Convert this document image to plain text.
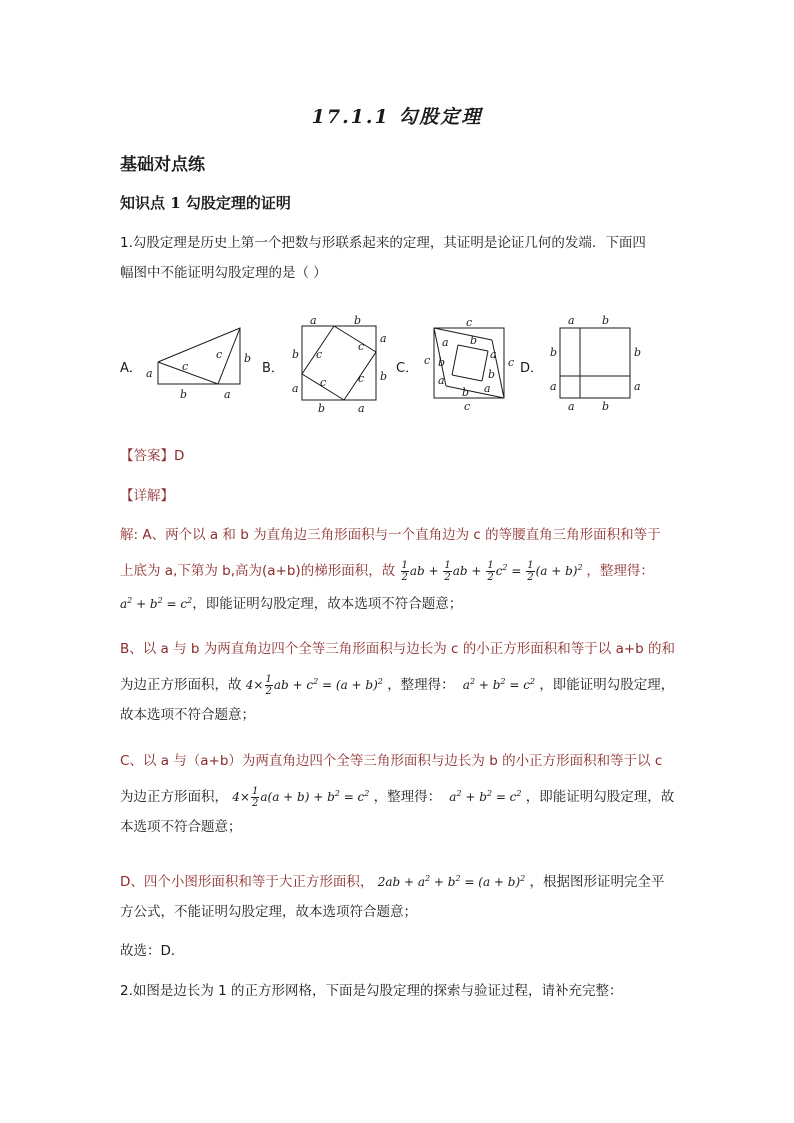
17.1.1 勾股定理
基础对点练
知识点 1 勾股定理的证明
1.勾股定理是历史上第一个把数与形联系起来的定理，其证明是论证几何的发端．下面四
幅图中不能证明勾股定理的是（ ）
A．	B．	C．	D．
a
b	a
c
c b
a	b
a
b
b	a
b
a
c
c
c
c
c
c
c
c
a b
a
b
a	b
a
b
a b
b
a
b
a
a b
【答案】D
【详解】
解: A、两个以 a 和 b 为直角边三角形面积与一个直角边为 c 的等腰直角三角形面积和等于
上底为 a,下第为 b,高为(a+b)的梯形面积，故 $\frac{1}{2}$ ab + $\frac{1}{2}$ ab + $\frac{1}{2} c^2 = \frac{1}{2} (a + b)^2$ ，整理得：
$a^2 + b^2 = c^2$，即能证明勾股定理，故本选项不符合题意；
B、以 a 与 b 为两直角边四个全等三角形面积与边长为 c 的小正方形面积和等于以 a+b 的和
为边正方形面积，故 $4\times \frac{1}{2}$ ab + $c^2 = (a + b)^2$ ，整理得：  $a^2 + b^2 = c^2$ ，即能证明勾股定理，
故本选项不符合题意；
C、以 a 与（a+b）为两直角边四个全等三角形面积与边长为 b 的小正方形面积和等于以 c
为边正方形面积， $4\times \frac{1}{2} a(a + b) + b^2 = c^2$ ，整理得：  $a^2 + b^2 = c^2$ ，即能证明勾股定理，故
本选项不符合题意；
D、四个小图形面积和等于大正方形面积， $2ab + a^2 + b^2 = (a + b)^2$ ，根据图形证明完全平
方公式，不能证明勾股定理，故本选项符合题意；
故选：D．
2.如图是边长为 1 的正方形网格，下面是勾股定理的探索与验证过程，请补充完整：
